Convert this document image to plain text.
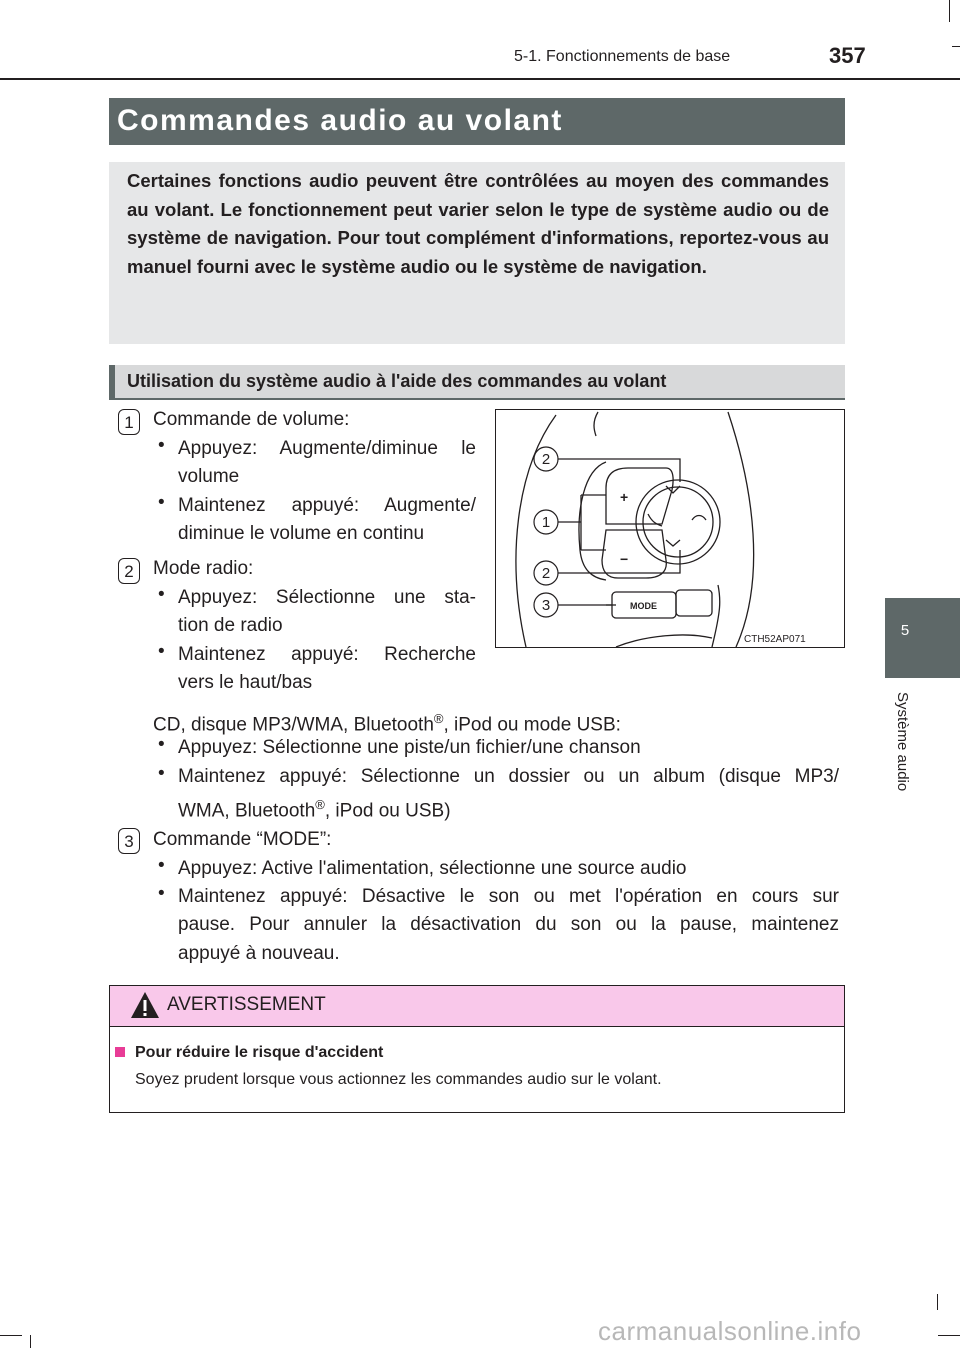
5-1. Fonctionnements de base	357
Commandes audio au volant

Certaines fonctions audio peuvent être contrôlées au moyen des commandes au volant. Le fonctionnement peut varier selon le type de système audio ou de système de navigation. Pour tout complément d'informations, reportez-vous au manuel fourni avec le système audio ou le système de navigation.

Utilisation du système audio à l'aide des commandes au volant
1	Commande de volume:
• Appuyez: Augmente/diminue le
volume
• Maintenez appuyé: Augmente/
diminue le volume en continu
2	Mode radio:
• Appuyez: Sélectionne une sta-
tion de radio
• Maintenez appuyé: Recherche
vers le haut/bas
CD, disque MP3/WMA, Bluetooth®, iPod ou mode USB:
• Appuyez: Sélectionne une piste/un fichier/une chanson
• Maintenez appuyé: Sélectionne un dossier ou un album (disque MP3/
WMA, Bluetooth®, iPod ou USB)
3	Commande “MODE”:
• Appuyez: Active l'alimentation, sélectionne une source audio
• Maintenez appuyé: Désactive le son ou met l'opération en cours sur
pause. Pour annuler la désactivation du son ou la pause, maintenez
appuyé à nouveau.
+
−
MODE
2
1
2
3
CTH52AP071
AVERTISSEMENT
Pour réduire le risque d'accident
Soyez prudent lorsque vous actionnez les commandes audio sur le volant.
5
Système audio
carmanualsonline.info
